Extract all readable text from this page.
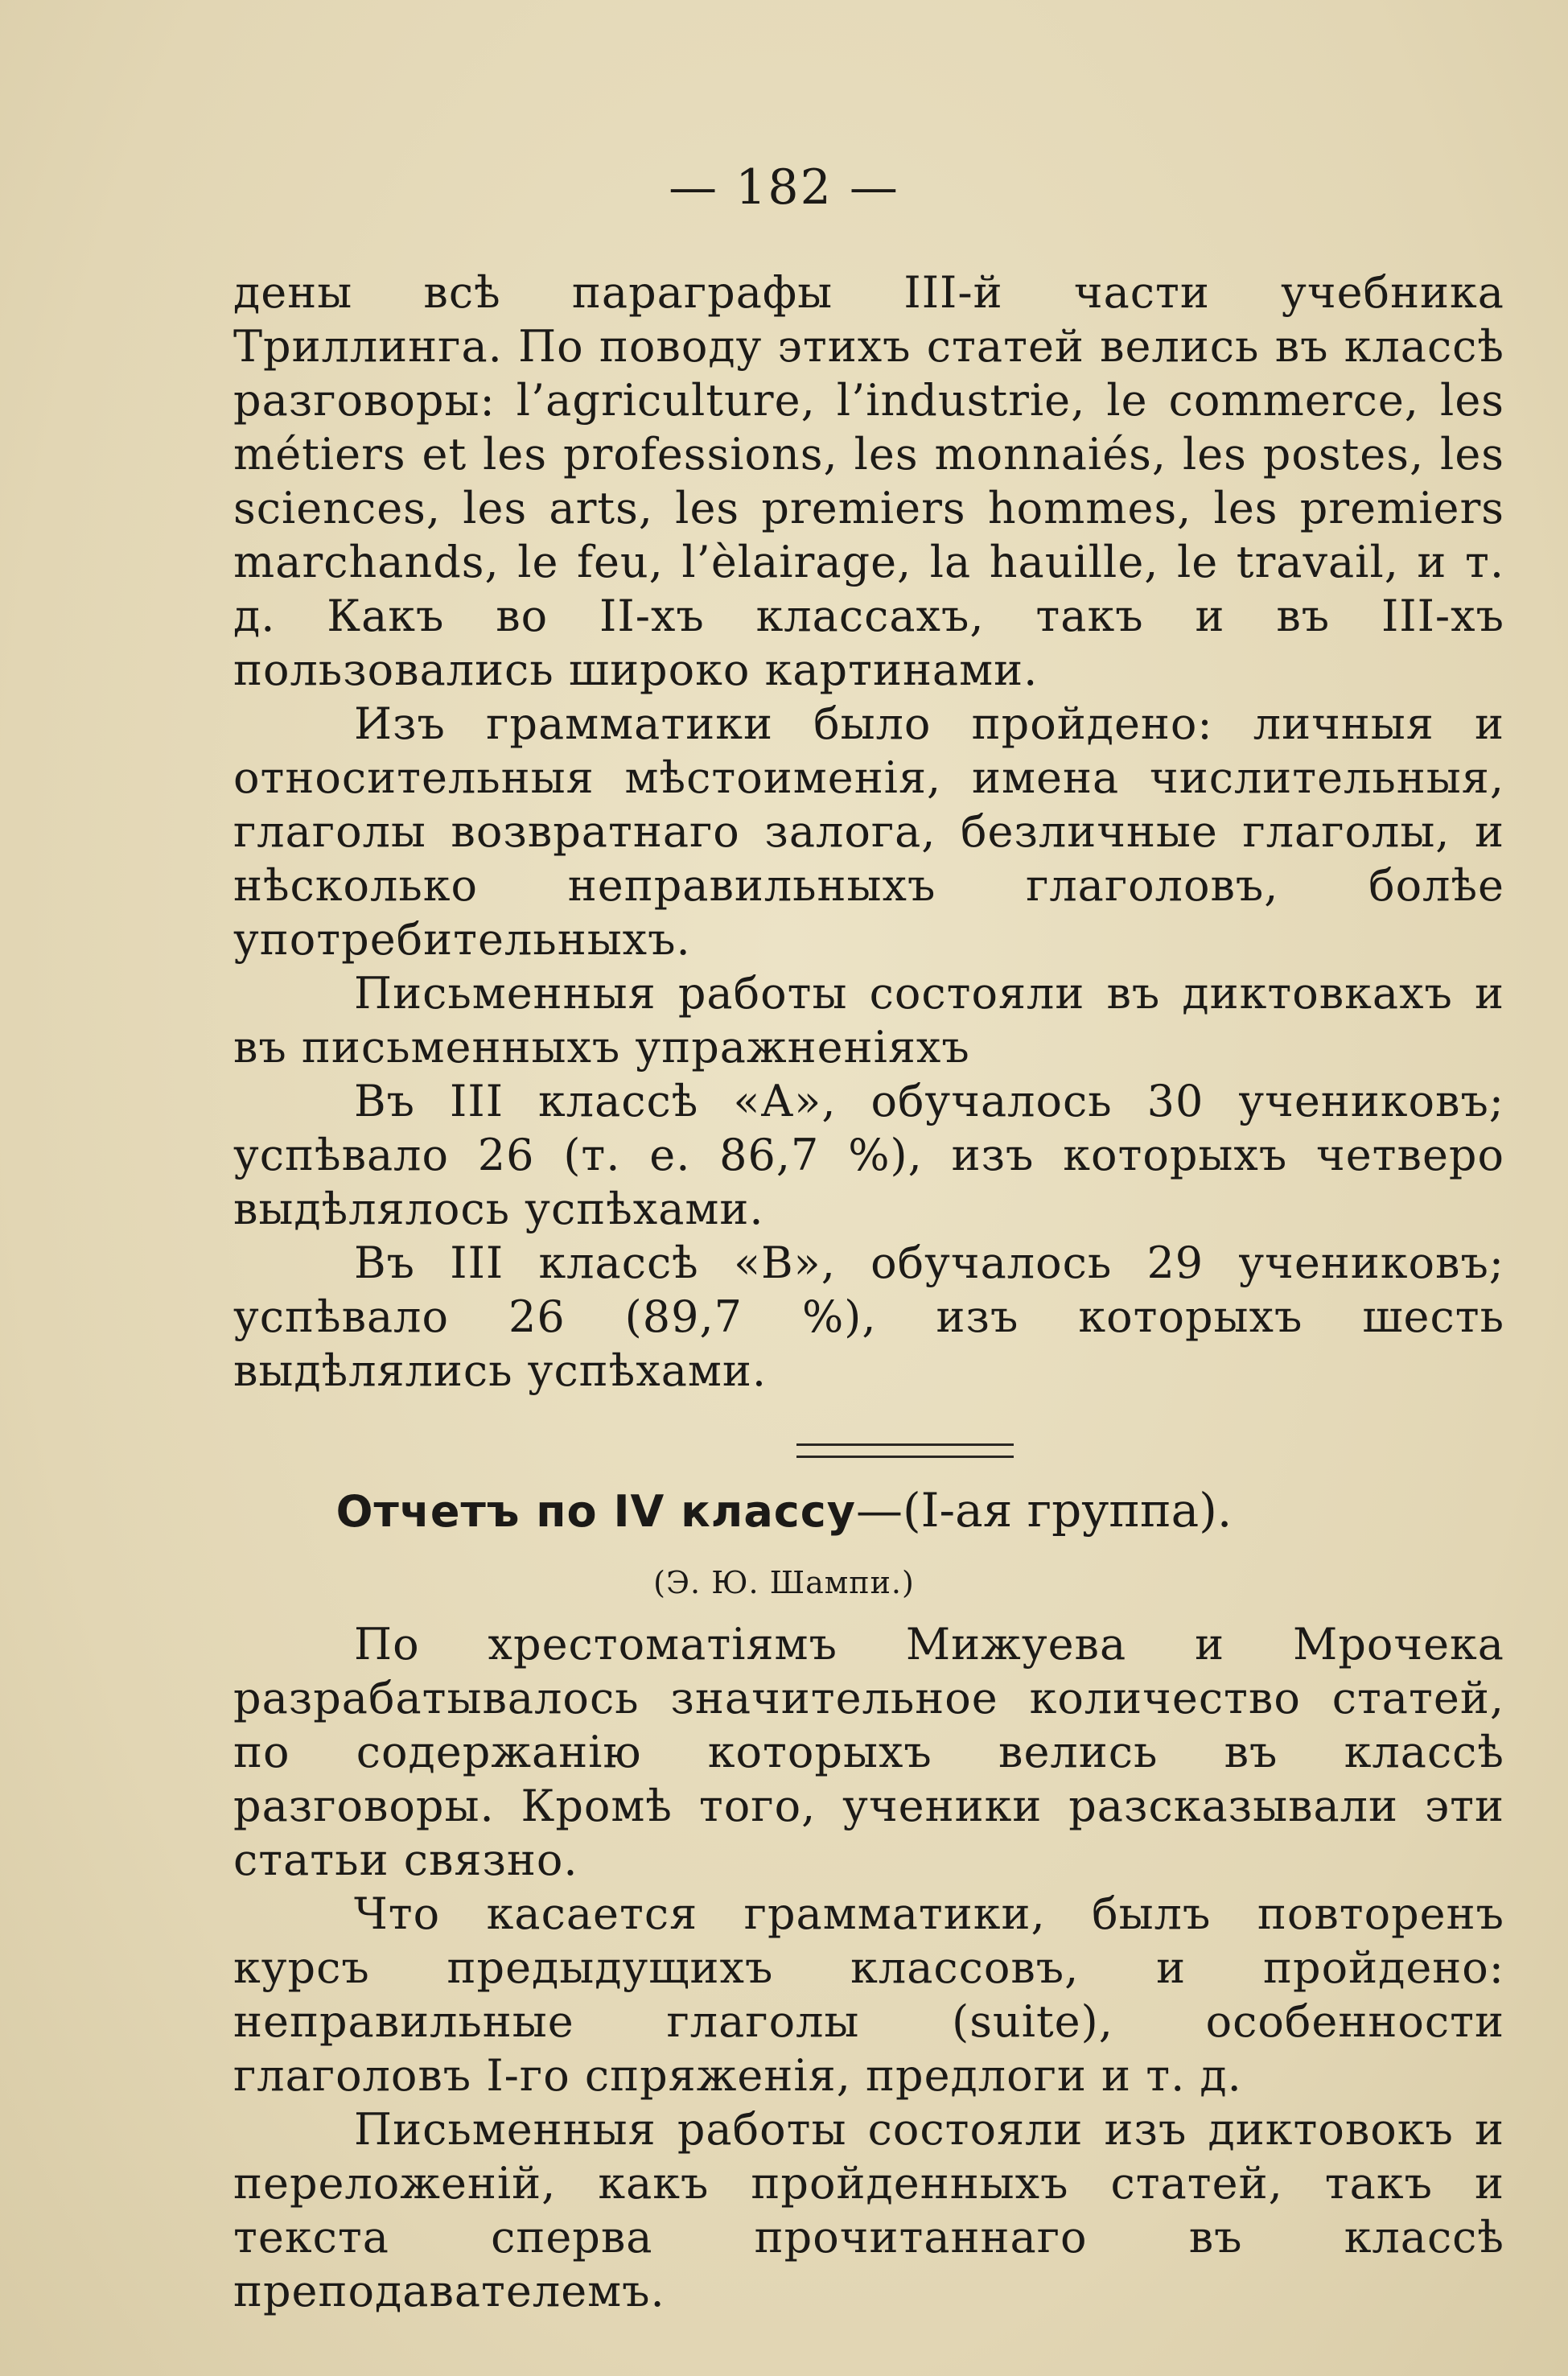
— 182 —

дены всѣ параграфы III-й части учебника Триллинга. По поводу этихъ статей велись въ классѣ разговоры: l’agriculture, l’industrie, le commerce, les métiers et les professions, les monnaiés, les postes, les sciences, les arts, les premiers hommes, les premiers marchands, le feu, l’èlairage, la hauille, le travail, и т. д. Какъ во II-хъ классахъ, такъ и въ III-хъ пользовались широко картинами.

Изъ грамматики было пройдено: личныя и относительныя мѣстоименія, имена числительныя, глаголы возвратнаго залога, безличные глаголы, и нѣсколько неправильныхъ глаголовъ, болѣе употребительныхъ.

Письменныя работы состояли въ диктовкахъ и въ письменныхъ упражненіяхъ

Въ III классѣ «А», обучалось 30 учениковъ; успѣвало 26 (т. е. 86,7 %), изъ которыхъ четверо выдѣлялось успѣхами.

Въ III классѣ «В», обучалось 29 учениковъ; успѣвало 26 (89,7 %), изъ которыхъ шесть выдѣлялись успѣхами.

Отчетъ по IV классу—(I-ая группа).
(Э. Ю. Шампи.)

По хрестоматіямъ Мижуева и Мрочека разрабатывалось значительное количество статей, по содержанію которыхъ велись въ классѣ разговоры. Кромѣ того, ученики разсказывали эти статьи связно.

Что касается грамматики, былъ повторенъ курсъ предыдущихъ классовъ, и пройдено: неправильные глаголы (suite), особенности глаголовъ I-го спряженія, предлоги и т. д.

Письменныя работы состояли изъ диктовокъ и переложеній, какъ пройденныхъ статей, такъ и текста сперва прочитаннаго въ классѣ преподавателемъ.
